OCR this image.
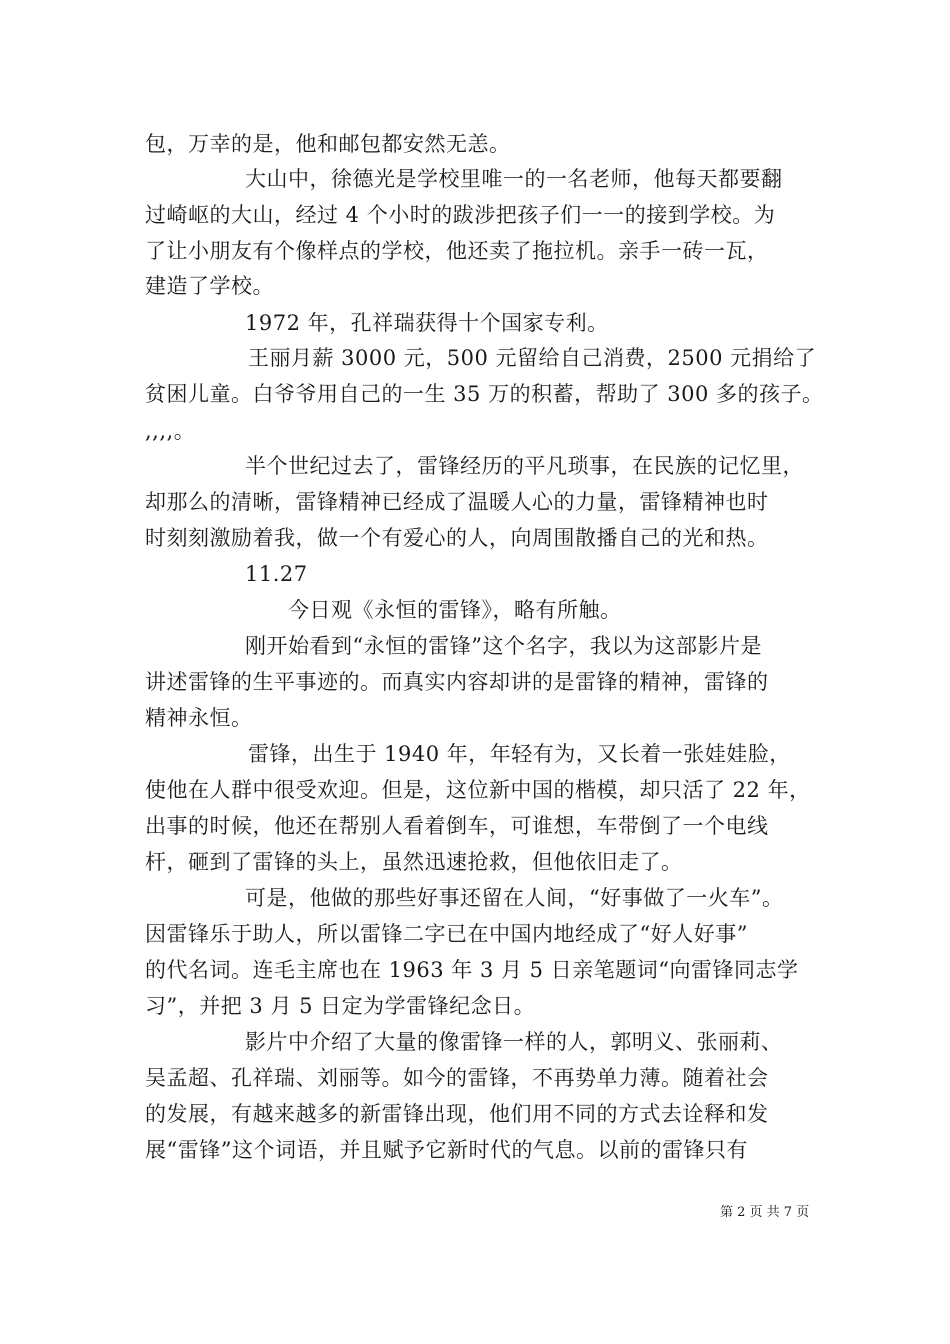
包，万幸的是，他和邮包都安然无恙。
大山中，徐德光是学校里唯一的一名老师，他每天都要翻
过崎岖的大山，经过 4 个小时的跋涉把孩子们一一的接到学校。为
了让小朋友有个像样点的学校，他还卖了拖拉机。亲手一砖一瓦，
建造了学校。
1972 年，孔祥瑞获得十个国家专利。
王丽月薪 3000 元，500 元留给自己消费，2500 元捐给了
贫困儿童。白爷爷用自己的一生 35 万的积蓄，帮助了 300 多的孩子。
,,,,。
半个世纪过去了，雷锋经历的平凡琐事，在民族的记忆里，
却那么的清晰，雷锋精神已经成了温暖人心的力量，雷锋精神也时
时刻刻激励着我，做一个有爱心的人，向周围散播自己的光和热。
11.27
今日观《永恒的雷锋》，略有所触。
刚开始看到“永恒的雷锋”这个名字，我以为这部影片是
讲述雷锋的生平事迹的。而真实内容却讲的是雷锋的精神，雷锋的
精神永恒。
雷锋，出生于 1940 年，年轻有为，又长着一张娃娃脸，
使他在人群中很受欢迎。但是，这位新中国的楷模，却只活了 22 年，
出事的时候，他还在帮别人看着倒车，可谁想，车带倒了一个电线
杆，砸到了雷锋的头上，虽然迅速抢救，但他依旧走了。
可是，他做的那些好事还留在人间，“好事做了一火车”。
因雷锋乐于助人，所以雷锋二字已在中国内地经成了“好人好事”
的代名词。连毛主席也在 1963 年 3 月 5 日亲笔题词“向雷锋同志学
习”，并把 3 月 5 日定为学雷锋纪念日。
影片中介绍了大量的像雷锋一样的人，郭明义、张丽莉、
吴孟超、孔祥瑞、刘丽等。如今的雷锋，不再势单力薄。随着社会
的发展，有越来越多的新雷锋出现，他们用不同的方式去诠释和发
展“雷锋”这个词语，并且赋予它新时代的气息。以前的雷锋只有
第 2 页 共 7 页
